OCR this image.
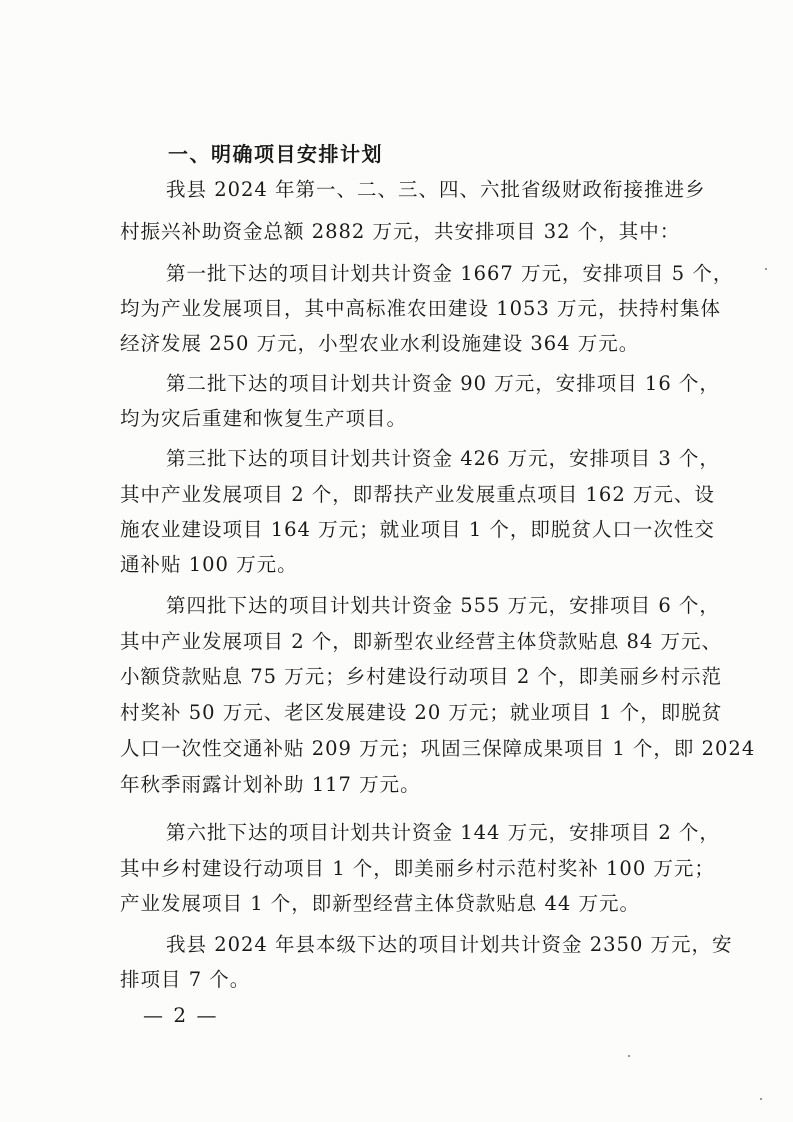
一、明确项目安排计划
我县 2024 年第一、二、三、四、六批省级财政衔接推进乡
村振兴补助资金总额 2882 万元，共安排项目 32 个，其中：
第一批下达的项目计划共计资金 1667 万元，安排项目 5 个，
均为产业发展项目，其中高标准农田建设 1053 万元，扶持村集体
经济发展 250 万元，小型农业水利设施建设 364 万元。
第二批下达的项目计划共计资金 90 万元，安排项目 16 个，
均为灾后重建和恢复生产项目。
第三批下达的项目计划共计资金 426 万元，安排项目 3 个，
其中产业发展项目 2 个，即帮扶产业发展重点项目 162 万元、设
施农业建设项目 164 万元；就业项目 1 个，即脱贫人口一次性交
通补贴 100 万元。
第四批下达的项目计划共计资金 555 万元，安排项目 6 个，
其中产业发展项目 2 个，即新型农业经营主体贷款贴息 84 万元、
小额贷款贴息 75 万元；乡村建设行动项目 2 个，即美丽乡村示范
村奖补 50 万元、老区发展建设 20 万元；就业项目 1 个，即脱贫
人口一次性交通补贴 209 万元；巩固三保障成果项目 1 个，即 2024
年秋季雨露计划补助 117 万元。
第六批下达的项目计划共计资金 144 万元，安排项目 2 个，
其中乡村建设行动项目 1 个，即美丽乡村示范村奖补 100 万元；
产业发展项目 1 个，即新型经营主体贷款贴息 44 万元。
我县 2024 年县本级下达的项目计划共计资金 2350 万元，安
排项目 7 个。
— 2 —
